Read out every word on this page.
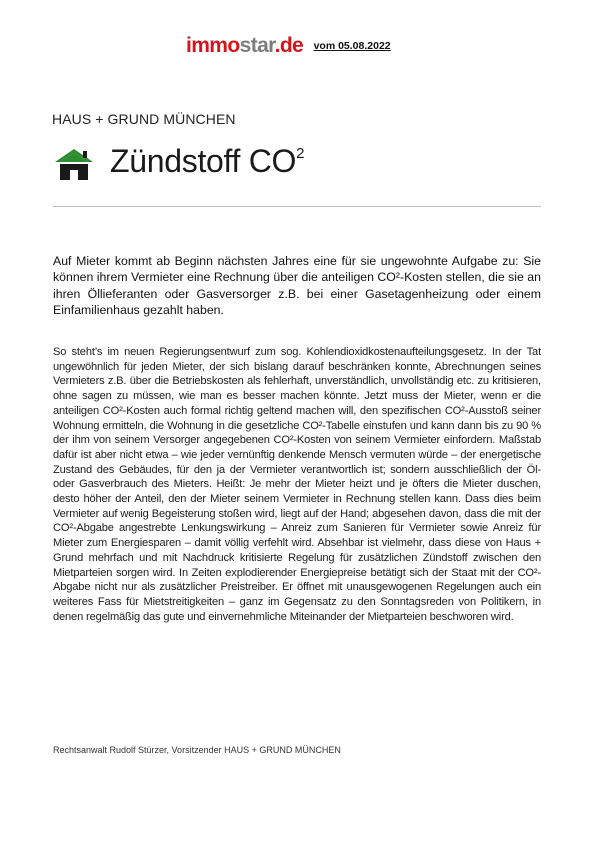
immostar.de vom 05.08.2022
HAUS + GRUND MÜNCHEN
Zündstoff $CO^2$

Auf Mieter kommt ab Beginn nächsten Jahres eine für sie ungewohnte Aufgabe zu: Sie können ihrem Vermieter eine Rechnung über die anteiligen CO²-Kosten stellen, die sie an ihren Öllieferanten oder Gasversorger z.B. bei einer Gasetagenheizung oder einem Einfamilienhaus gezahlt haben.

So steht’s im neuen Regierungsentwurf zum sog. Kohlendioxidkostenaufteilungsgesetz. In der Tat ungewöhnlich für jeden Mieter, der sich bislang darauf beschränken konnte, Abrechnungen seines Vermieters z.B. über die Betriebskosten als fehlerhaft, unverständlich, unvollständig etc. zu kritisieren, ohne sagen zu müssen, wie man es besser machen könnte. Jetzt muss der Mieter, wenn er die anteiligen CO²-Kosten auch formal richtig geltend machen will, den spezifischen CO²-Ausstoß seiner Wohnung ermitteln, die Wohnung in die gesetzliche CO²-Tabelle einstufen und kann dann bis zu 90 % der ihm von seinem Versorger angegebenen CO²-Kosten von seinem Vermieter einfordern. Maßstab dafür ist aber nicht etwa – wie jeder vernünftig denkende Mensch vermuten würde – der energetische Zustand des Gebäudes, für den ja der Vermieter verantwortlich ist; sondern ausschließlich der Öl- oder Gasverbrauch des Mieters. Heißt: Je mehr der Mieter heizt und je öfters die Mieter duschen, desto höher der Anteil, den der Mieter seinem Vermieter in Rechnung stellen kann. Dass dies beim Vermieter auf wenig Begeisterung stoßen wird, liegt auf der Hand; abgesehen davon, dass die mit der CO²-Abgabe angestrebte Lenkungswirkung – Anreiz zum Sanieren für Vermieter sowie Anreiz für Mieter zum Energiesparen – damit völlig verfehlt wird. Absehbar ist vielmehr, dass diese von Haus + Grund mehrfach und mit Nachdruck kritisierte Regelung für zusätzlichen Zündstoff zwischen den Mietparteien sorgen wird. In Zeiten explodierender Energiepreise betätigt sich der Staat mit der CO²-Abgabe nicht nur als zusätzlicher Preistreiber. Er öffnet mit unausgewogenen Regelungen auch ein weiteres Fass für Mietstreitigkeiten – ganz im Gegensatz zu den Sonntagsreden von Politikern, in denen regelmäßig das gute und einvernehmliche Miteinander der Mietparteien beschworen wird.

Rechtsanwalt Rudolf Stürzer, Vorsitzender HAUS + GRUND MÜNCHEN
